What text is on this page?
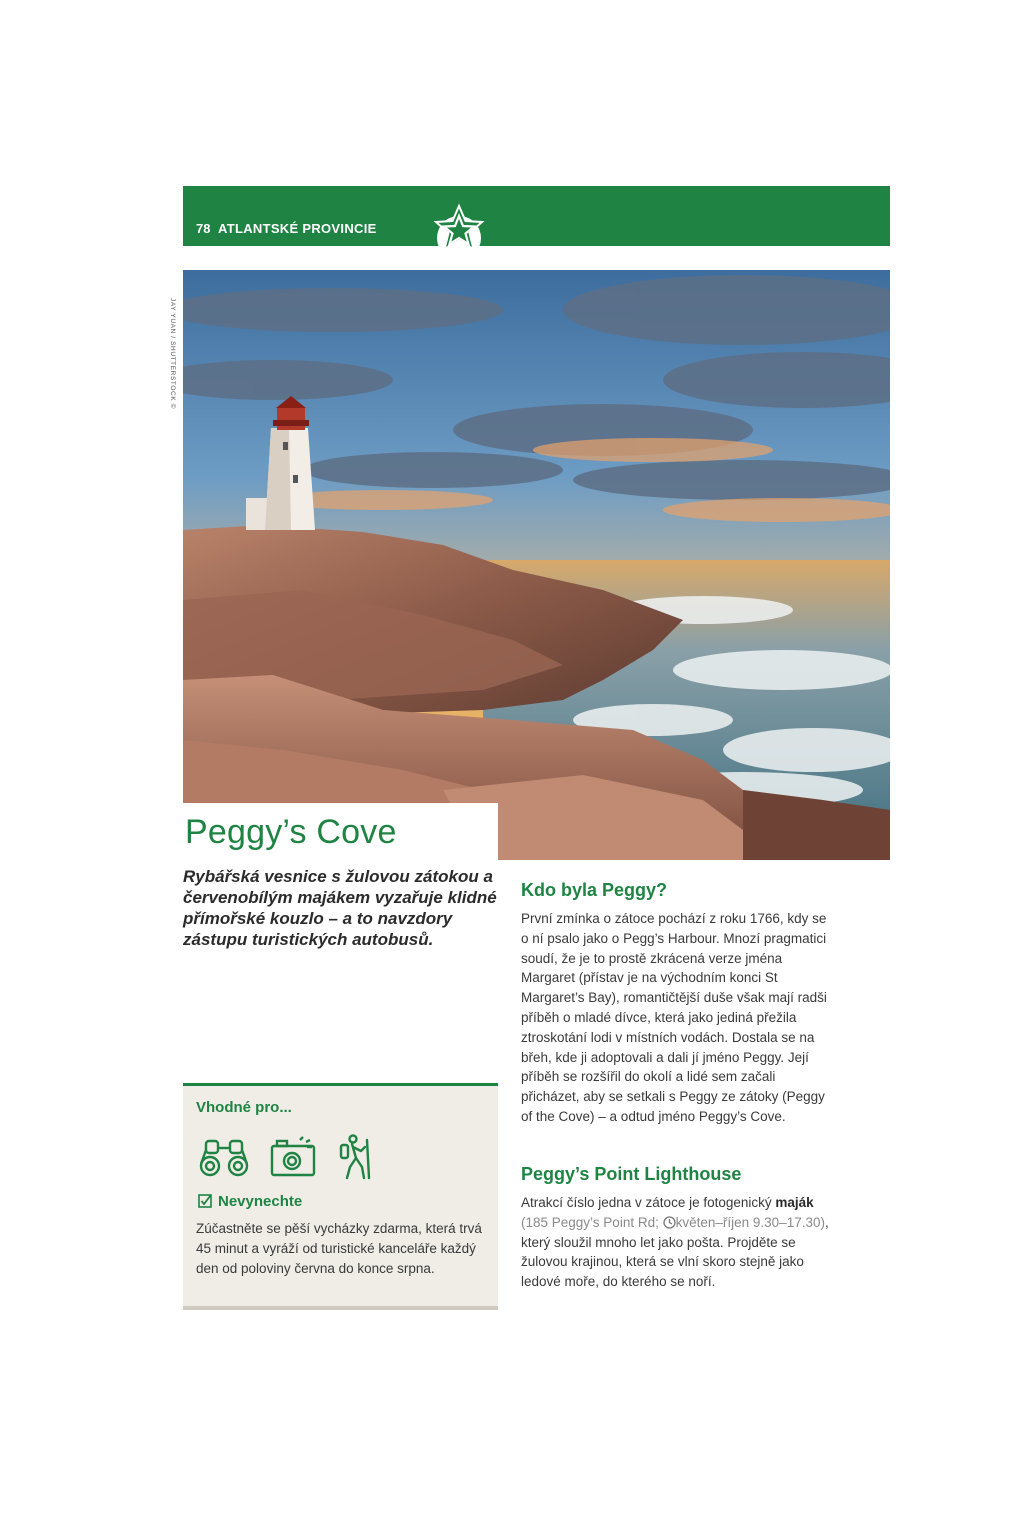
78 ATLANTSKÉ PROVINCIE
JAY YUAN / SHUTTERSTOCK ©
Peggy’s Cove
Rybářská vesnice s žulovou zátokou a červenobílým majákem vyzařuje klidné přímořské kouzlo – a to navzdory zástupu turistických autobusů.
Vhodné pro...
Nevynechte
Zúčastněte se pěší vycházky zdarma, která trvá 45 minut a vyráží od turistické kanceláře každý den od poloviny června do konce srpna.
Kdo byla Peggy?

První zmínka o zátoce pochází z roku 1766, kdy se o ní psalo jako o Pegg’s Harbour. Mnozí pragmatici soudí, že je to prostě zkrácená verze jména Margaret (přístav je na východním konci St Margaret’s Bay), romantičtější duše však mají radši příběh o mladé dívce, která jako jediná přežila ztroskotání lodi v místních vodách. Dostala se na břeh, kde ji adoptovali a dali jí jméno Peggy. Její příběh se rozšířil do okolí a lidé sem začali přicházet, aby se setkali s Peggy ze zátoky (Peggy of the Cove) – a odtud jméno Peggy’s Cove.

Peggy’s Point Lighthouse

Atrakcí číslo jedna v zátoce je fotogenický maják (185 Peggy’s Point Rd; květen–říjen 9.30–17.30), který sloužil mnoho let jako pošta. Projděte se žulovou krajinou, která se vlní skoro stejně jako ledové moře, do kterého se noří.
